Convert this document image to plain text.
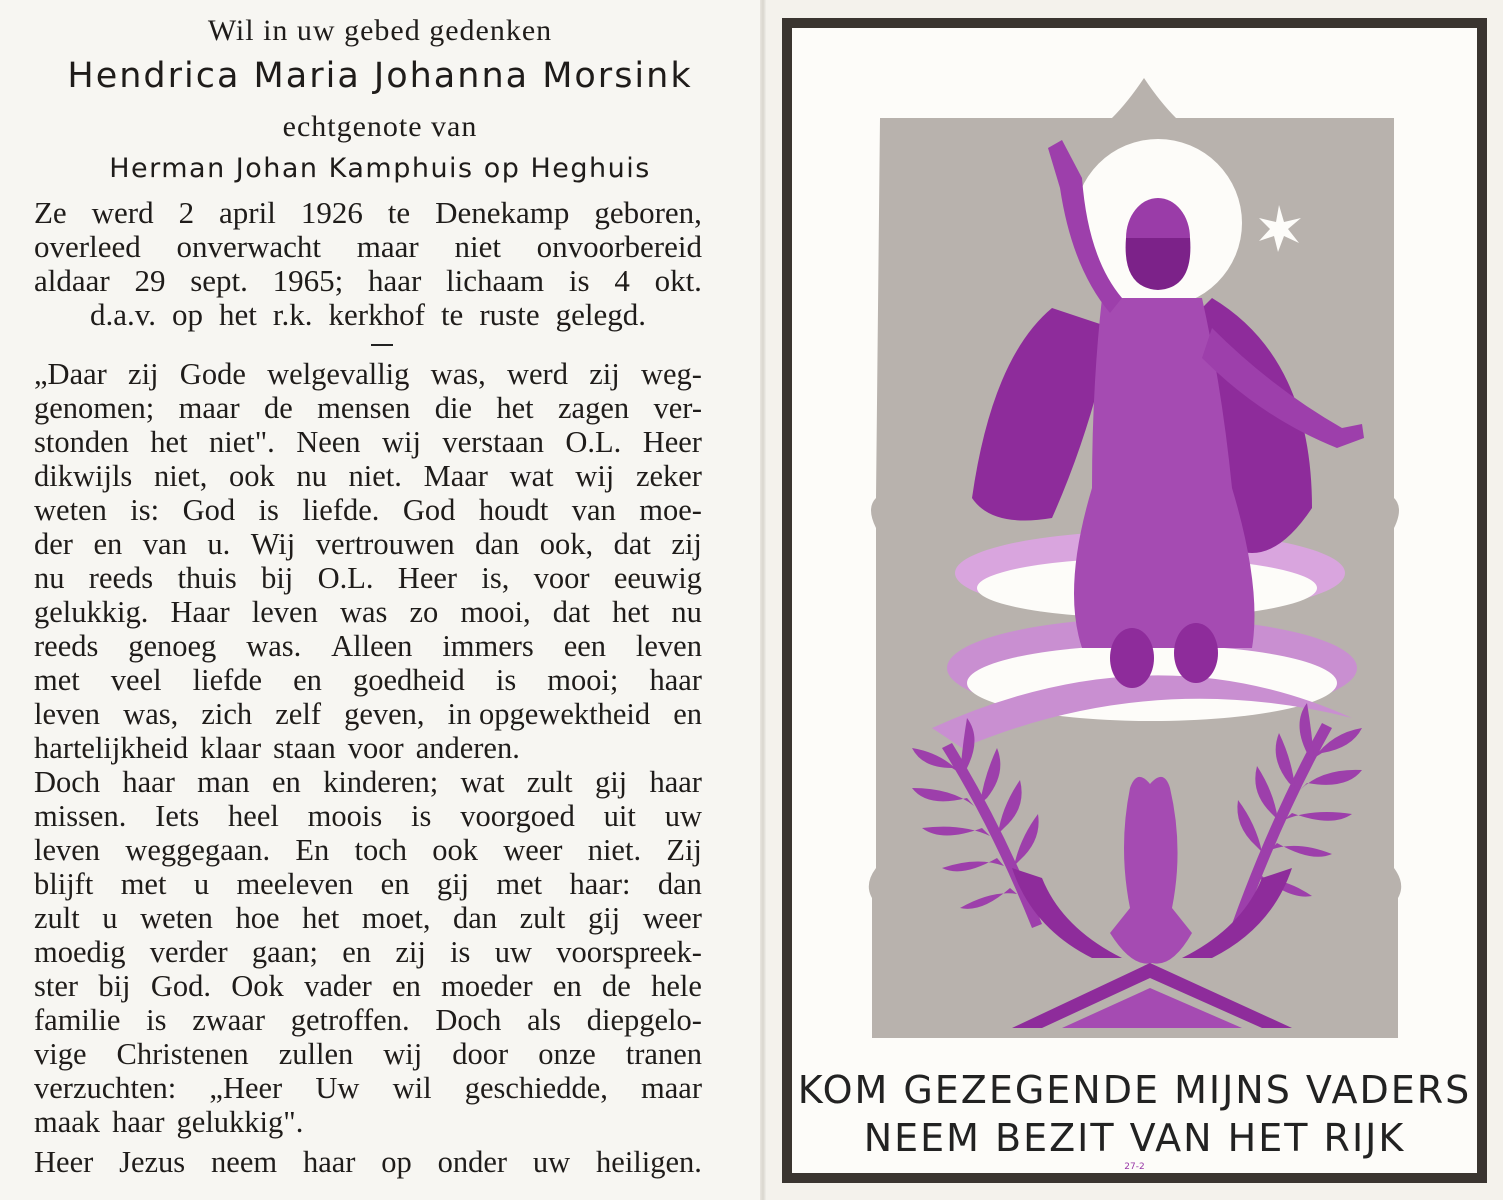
Wil in uw gebed gedenken
Hendrica Maria Johanna Morsink
echtgenote van
Herman Johan Kamphuis op Heghuis
Ze werd 2 april 1926 te Denekamp geboren,
overleed onverwacht maar niet onvoorbereid
aldaar 29 sept. 1965; haar lichaam is 4 okt.
d.a.v. op het r.k. kerkhof te ruste gelegd.
„Daar zij Gode welgevallig was, werd zij weg-
genomen; maar de mensen die het zagen ver-
stonden het niet". Neen wij verstaan O.L. Heer
dikwijls niet, ook nu niet. Maar wat wij zeker
weten is: God is liefde. God houdt van moe-
der en van u. Wij vertrouwen dan ook, dat zij
nu reeds thuis bij O.L. Heer is, voor eeuwig
gelukkig. Haar leven was zo mooi, dat het nu
reeds genoeg was. Alleen immers een leven
met veel liefde en goedheid is mooi; haar
leven was, zich zelf geven, in opgewektheid en
hartelijkheid klaar staan voor anderen.
Doch haar man en kinderen; wat zult gij haar
missen. Iets heel moois is voorgoed uit uw
leven weggegaan. En toch ook weer niet. Zij
blijft met u meeleven en gij met haar: dan
zult u weten hoe het moet, dan zult gij weer
moedig verder gaan; en zij is uw voorspreek-
ster bij God. Ook vader en moeder en de hele
familie is zwaar getroffen. Doch als diepgelo-
vige Christenen zullen wij door onze tranen
verzuchten: „Heer Uw wil geschiedde, maar
maak haar gelukkig".
Heer Jezus neem haar op onder uw heiligen.
KOM GEZEGENDE MIJNS VADERS
NEEM BEZIT VAN HET RIJK
27-2
